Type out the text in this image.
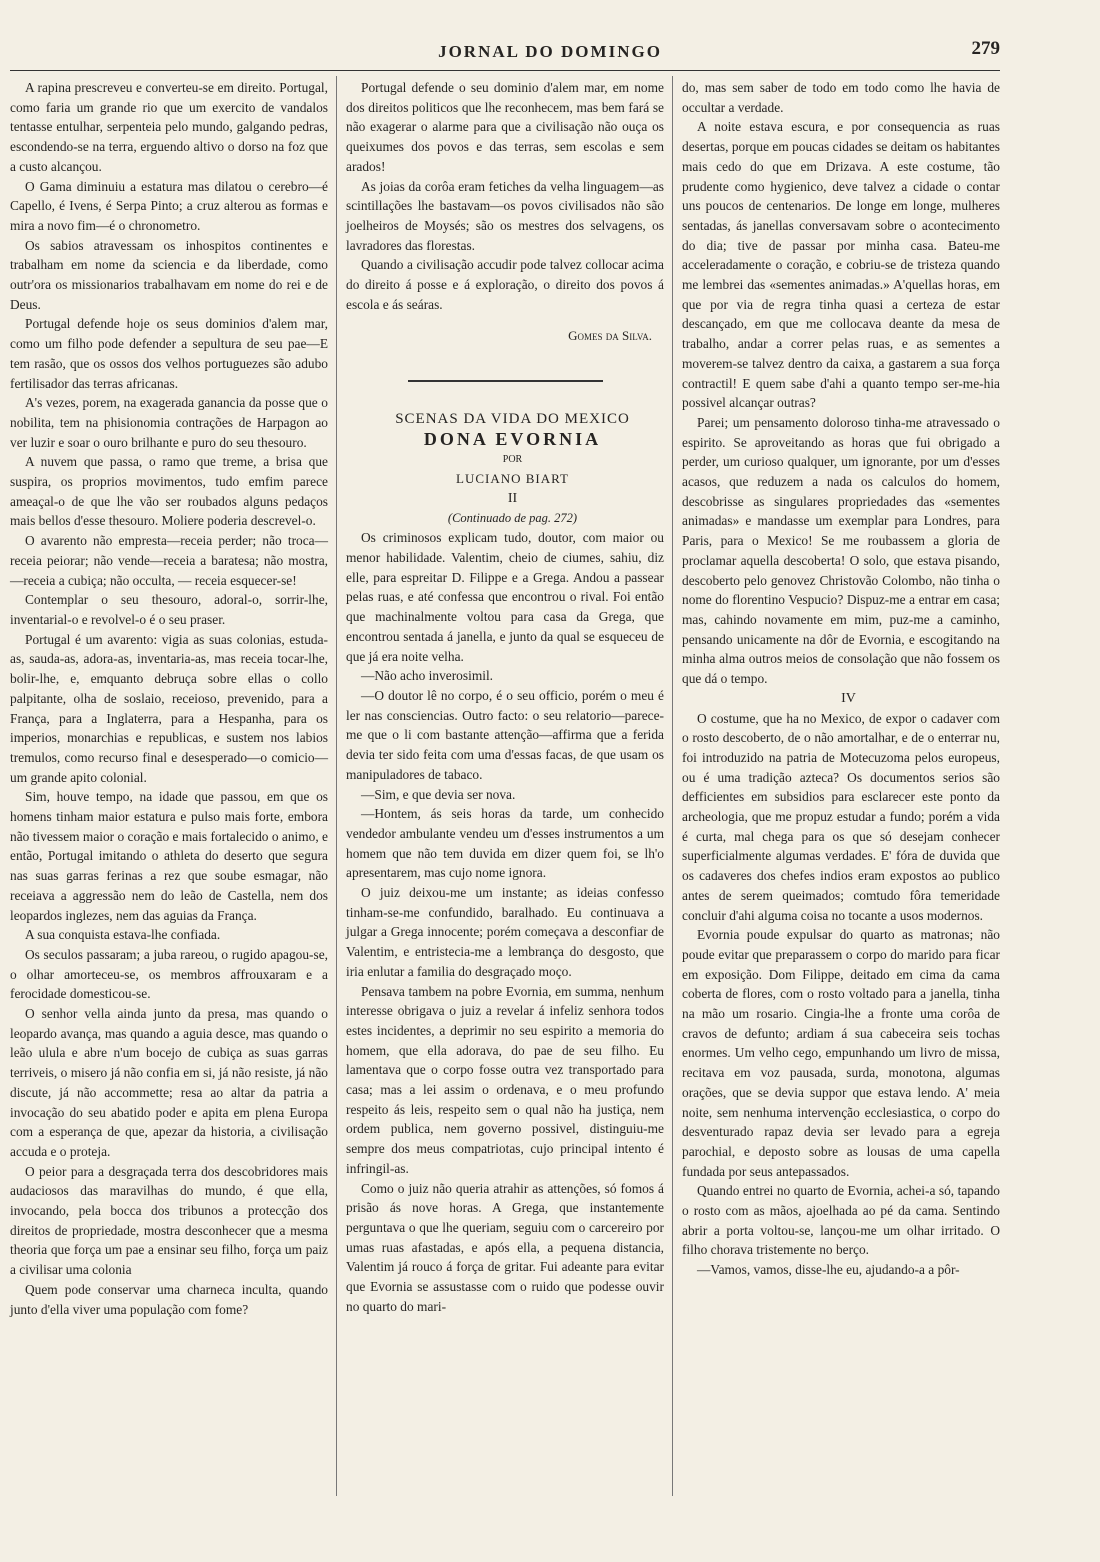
JORNAL DO DOMINGO	279

A rapina prescreveu e converteu-se em direito. Portugal, como faria um grande rio que um exercito de vandalos tentasse entulhar, serpenteia pelo mundo, galgando pedras, escondendo-se na terra, erguendo altivo o dorso na foz que a custo alcançou.

O Gama diminuiu a estatura mas dilatou o cerebro—é Capello, é Ivens, é Serpa Pinto; a cruz alterou as formas e mira a novo fim—é o chronometro.

Os sabios atravessam os inhospitos continentes e trabalham em nome da sciencia e da liberdade, como outr'ora os missionarios trabalhavam em nome do rei e de Deus.

Portugal defende hoje os seus dominios d'alem mar, como um filho pode defender a sepultura de seu pae—E tem rasão, que os ossos dos velhos portuguezes são adubo fertilisador das terras africanas.

A's vezes, porem, na exagerada ganancia da posse que o nobilita, tem na phisionomia contrações de Harpagon ao ver luzir e soar o ouro brilhante e puro do seu thesouro.

A nuvem que passa, o ramo que treme, a brisa que suspira, os proprios movimentos, tudo emfim parece ameaçal-o de que lhe vão ser roubados alguns pedaços mais bellos d'esse thesouro. Moliere poderia descrevel-o.

O avarento não empresta—receia perder; não troca—receia peiorar; não vende—receia a baratesa; não mostra,—receia a cubiça; não occulta, — receia esquecer-se!

Contemplar o seu thesouro, adoral-o, sorrir-lhe, inventarial-o e revolvel-o é o seu praser.

Portugal é um avarento: vigia as suas colonias, estuda-as, sauda-as, adora-as, inventaria-as, mas receia tocar-lhe, bolir-lhe, e, emquanto debruça sobre ellas o collo palpitante, olha de soslaio, receioso, prevenido, para a França, para a Inglaterra, para a Hespanha, para os imperios, monarchias e republicas, e sustem nos labios tremulos, como recurso final e desesperado—o comicio—um grande apito colonial.

Sim, houve tempo, na idade que passou, em que os homens tinham maior estatura e pulso mais forte, embora não tivessem maior o coração e mais fortalecido o animo, e então, Portugal imitando o athleta do deserto que segura nas suas garras ferinas a rez que soube esmagar, não receiava a aggressão nem do leão de Castella, nem dos leopardos inglezes, nem das aguias da França.

A sua conquista estava-lhe confiada.

Os seculos passaram; a juba rareou, o rugido apagou-se, o olhar amorteceu-se, os membros affrouxaram e a ferocidade domesticou-se.

O senhor vella ainda junto da presa, mas quando o leopardo avança, mas quando a aguia desce, mas quando o leão ulula e abre n'um bocejo de cubiça as suas garras terriveis, o misero já não confia em si, já não resiste, já não discute, já não accommette; resa ao altar da patria a invocação do seu abatido poder e apita em plena Europa com a esperança de que, apezar da historia, a civilisação accuda e o proteja.

O peior para a desgraçada terra dos descobridores mais audaciosos das maravilhas do mundo, é que ella, invocando, pela bocca dos tribunos a protecção dos direitos de propriedade, mostra desconhecer que a mesma theoria que força um pae a ensinar seu filho, força um paiz a civilisar uma colonia

Quem pode conservar uma charneca inculta, quando junto d'ella viver uma população com fome?

Portugal defende o seu dominio d'alem mar, em nome dos direitos politicos que lhe reconhecem, mas bem fará se não exagerar o alarme para que a civilisação não ouça os queixumes dos povos e das terras, sem escolas e sem arados!

As joias da corôa eram fetiches da velha linguagem—as scintillações lhe bastavam—os povos civilisados não são joelheiros de Moysés; são os mestres dos selvagens, os lavradores das florestas.

Quando a civilisação accudir pode talvez collocar acima do direito á posse e á exploração, o direito dos povos á escola e ás seáras.

Gomes da Silva.

SCENAS DA VIDA DO MEXICO

DONA EVORNIA

POR

LUCIANO BIART

II

(Continuado de pag. 272)

Os criminosos explicam tudo, doutor, com maior ou menor habilidade. Valentim, cheio de ciumes, sahiu, diz elle, para espreitar D. Filippe e a Grega. Andou a passear pelas ruas, e até confessa que encontrou o rival. Foi então que machinalmente voltou para casa da Grega, que encontrou sentada á janella, e junto da qual se esqueceu de que já era noite velha.

—Não acho inverosimil.

—O doutor lê no corpo, é o seu officio, porém o meu é ler nas consciencias. Outro facto: o seu relatorio—parece-me que o li com bastante attenção—affirma que a ferida devia ter sido feita com uma d'essas facas, de que usam os manipuladores de tabaco.

—Sim, e que devia ser nova.

—Hontem, ás seis horas da tarde, um conhecido vendedor ambulante vendeu um d'esses instrumentos a um homem que não tem duvida em dizer quem foi, se lh'o apresentarem, mas cujo nome ignora.

O juiz deixou-me um instante; as ideias confesso tinham-se-me confundido, baralhado. Eu continuava a julgar a Grega innocente; porém começava a desconfiar de Valentim, e entristecia-me a lembrança do desgosto, que iria enlutar a familia do desgraçado moço.

Pensava tambem na pobre Evornia, em summa, nenhum interesse obrigava o juiz a revelar á infeliz senhora todos estes incidentes, a deprimir no seu espirito a memoria do homem, que ella adorava, do pae de seu filho. Eu lamentava que o corpo fosse outra vez transportado para casa; mas a lei assim o ordenava, e o meu profundo respeito ás leis, respeito sem o qual não ha justiça, nem ordem publica, nem governo possivel, distinguiu-me sempre dos meus compatriotas, cujo principal intento é infringil-as.

Como o juiz não queria atrahir as attenções, só fomos á prisão ás nove horas. A Grega, que instantemente perguntava o que lhe queriam, seguiu com o carcereiro por umas ruas afastadas, e após ella, a pequena distancia, Valentim já rouco á força de gritar. Fui adeante para evitar que Evornia se assustasse com o ruido que podesse ouvir no quarto do mari-

do, mas sem saber de todo em todo como lhe havia de occultar a verdade.

A noite estava escura, e por consequencia as ruas desertas, porque em poucas cidades se deitam os habitantes mais cedo do que em Drizava. A este costume, tão prudente como hygienico, deve talvez a cidade o contar uns poucos de centenarios. De longe em longe, mulheres sentadas, ás janellas conversavam sobre o acontecimento do dia; tive de passar por minha casa. Bateu-me acceleradamente o coração, e cobriu-se de tristeza quando me lembrei das «sementes animadas.» A'quellas horas, em que por via de regra tinha quasi a certeza de estar descançado, em que me collocava deante da mesa de trabalho, andar a correr pelas ruas, e as sementes a moverem-se talvez dentro da caixa, a gastarem a sua força contractil! E quem sabe d'ahi a quanto tempo ser-me-hia possivel alcançar outras?

Parei; um pensamento doloroso tinha-me atravessado o espirito. Se aproveitando as horas que fui obrigado a perder, um curioso qualquer, um ignorante, por um d'esses acasos, que reduzem a nada os calculos do homem, descobrisse as singulares propriedades das «sementes animadas» e mandasse um exemplar para Londres, para Paris, para o Mexico! Se me roubassem a gloria de proclamar aquella descoberta! O solo, que estava pisando, descoberto pelo genovez Christovão Colombo, não tinha o nome do florentino Vespucio? Dispuz-me a entrar em casa; mas, cahindo novamente em mim, puz-me a caminho, pensando unicamente na dôr de Evornia, e escogitando na minha alma outros meios de consolação que não fossem os que dá o tempo.

IV

O costume, que ha no Mexico, de expor o cadaver com o rosto descoberto, de o não amortalhar, e de o enterrar nu, foi introduzido na patria de Motecuzoma pelos europeus, ou é uma tradição azteca? Os documentos serios são defficientes em subsidios para esclarecer este ponto da archeologia, que me propuz estudar a fundo; porém a vida é curta, mal chega para os que só desejam conhecer superficialmente algumas verdades. E' fóra de duvida que os cadaveres dos chefes indios eram expostos ao publico antes de serem queimados; comtudo fôra temeridade concluir d'ahi alguma coisa no tocante a usos modernos.

Evornia poude expulsar do quarto as matronas; não poude evitar que preparassem o corpo do marido para ficar em exposição. Dom Filippe, deitado em cima da cama coberta de flores, com o rosto voltado para a janella, tinha na mão um rosario. Cingia-lhe a fronte uma corôa de cravos de defunto; ardiam á sua cabeceira seis tochas enormes. Um velho cego, empunhando um livro de missa, recitava em voz pausada, surda, monotona, algumas orações, que se devia suppor que estava lendo. A' meia noite, sem nenhuma intervenção ecclesiastica, o corpo do desventurado rapaz devia ser levado para a egreja parochial, e deposto sobre as lousas de uma capella fundada por seus antepassados.

Quando entrei no quarto de Evornia, achei-a só, tapando o rosto com as mãos, ajoelhada ao pé da cama. Sentindo abrir a porta voltou-se, lançou-me um olhar irritado. O filho chorava tristemente no berço.

—Vamos, vamos, disse-lhe eu, ajudando-a a pôr-
